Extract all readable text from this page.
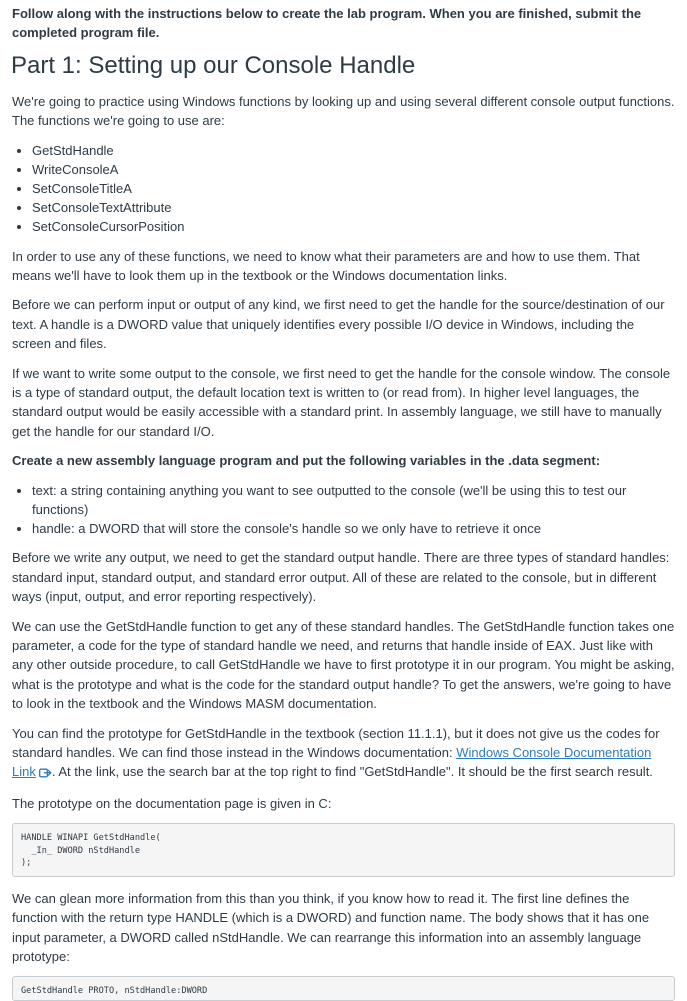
Follow along with the instructions below to create the lab program. When you are finished, submit the completed program file.

Part 1: Setting up our Console Handle

We're going to practice using Windows functions by looking up and using several different console output functions. The functions we're going to use are:

• GetStdHandle
• WriteConsoleA
• SetConsoleTitleA
• SetConsoleTextAttribute
• SetConsoleCursorPosition

In order to use any of these functions, we need to know what their parameters are and how to use them. That means we'll have to look them up in the textbook or the Windows documentation links.

Before we can perform input or output of any kind, we first need to get the handle for the source/destination of our text. A handle is a DWORD value that uniquely identifies every possible I/O device in Windows, including the screen and files.

If we want to write some output to the console, we first need to get the handle for the console window. The console is a type of standard output, the default location text is written to (or read from). In higher level languages, the standard output would be easily accessible with a standard print. In assembly language, we still have to manually get the handle for our standard I/O.

Create a new assembly language program and put the following variables in the .data segment:

• text: a string containing anything you want to see outputted to the console (we'll be using this to test our functions)
• handle: a DWORD that will store the console's handle so we only have to retrieve it once

Before we write any output, we need to get the standard output handle. There are three types of standard handles: standard input, standard output, and standard error output. All of these are related to the console, but in different ways (input, output, and error reporting respectively).

We can use the GetStdHandle function to get any of these standard handles. The GetStdHandle function takes one parameter, a code for the type of standard handle we need, and returns that handle inside of EAX. Just like with any other outside procedure, to call GetStdHandle we have to first prototype it in our program. You might be asking, what is the prototype and what is the code for the standard output handle? To get the answers, we're going to have to look in the textbook and the Windows MASM documentation.

You can find the prototype for GetStdHandle in the textbook (section 11.1.1), but it does not give us the codes for standard handles. We can find those instead in the Windows documentation: Windows Console Documentation Link . At the link, use the search bar at the top right to find "GetStdHandle". It should be the first search result.

The prototype on the documentation page is given in C:

HANDLE WINAPI GetStdHandle(
_In_ DWORD nStdHandle
);

We can glean more information from this than you think, if you know how to read it. The first line defines the function with the return type HANDLE (which is a DWORD) and function name. The body shows that it has one input parameter, a DWORD called nStdHandle. We can rearrange this information into an assembly language prototype:

GetStdHandle PROTO, nStdHandle:DWORD
